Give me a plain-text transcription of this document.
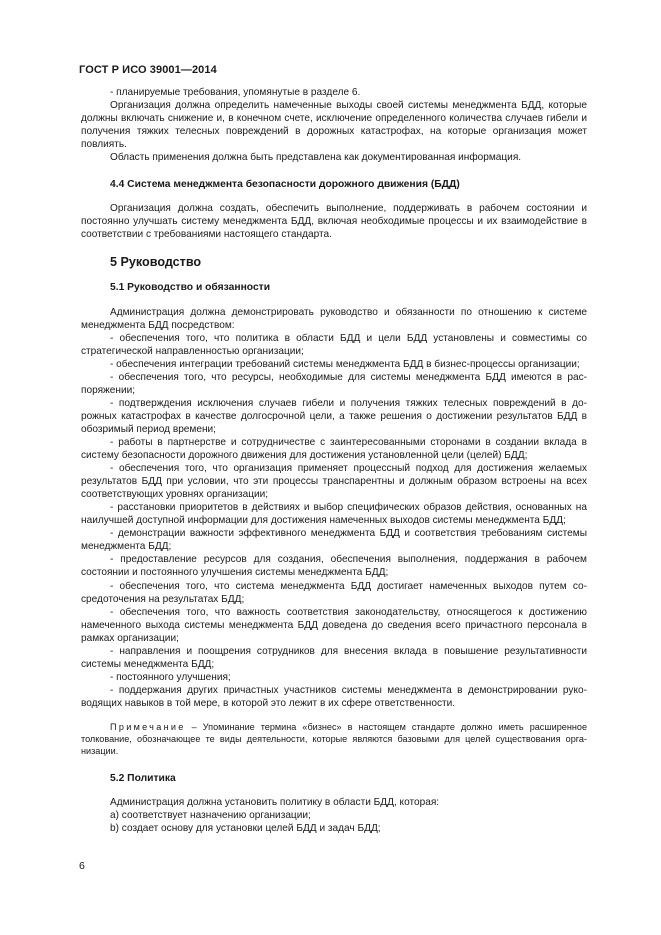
ГОСТ Р ИСО 39001—2014

- планируемые требования, упомянутые в разделе 6.

Организация должна определить намеченные выходы своей системы менеджмента БДД, которые должны включать снижение и, в конечном счете, исключение определенного количества случаев гибели и получения тяжких телесных повреждений в дорожных катастрофах, на которые организация может повлиять.

Область применения должна быть представлена как документированная информация.

4.4 Система менеджмента безопасности дорожного движения (БДД)

Организация должна создать, обеспечить выполнение, поддерживать в рабочем состоянии и постоянно улучшать систему менеджмента БДД, включая необходимые процессы и их взаимодействие в соответствии с требованиями настоящего стандарта.

5 Руководство

5.1 Руководство и обязанности

Администрация должна демонстрировать руководство и обязанности по отношению к системе менеджмента БДД посредством:

- обеспечения того, что политика в области БДД и цели БДД установлены и совместимы со стратегической направленностью организации;

- обеспечения интеграции требований системы менеджмента БДД в бизнес-процессы организации;

- обеспечения того, что ресурсы, необходимые для системы менеджмента БДД имеются в распоряжении;

- подтверждения исключения случаев гибели и получения тяжких телесных повреждений в дорожных катастрофах в качестве долгосрочной цели, а также решения о достижении результатов БДД в обозримый период времени;

- работы в партнерстве и сотрудничестве с заинтересованными сторонами в создании вклада в систему безопасности дорожного движения для достижения установленной цели (целей) БДД;

- обеспечения того, что организация применяет процессный подход для достижения желаемых результатов БДД при условии, что эти процессы транспарентны и должным образом встроены на всех соответствующих уровнях организации;

- расстановки приоритетов в действиях и выбор специфических образов действия, основанных на наилучшей доступной информации для достижения намеченных выходов системы менеджмента БДД;

- демонстрации важности эффективного менеджмента БДД и соответствия требованиям системы менеджмента БДД;

- предоставление ресурсов для создания, обеспечения выполнения, поддержания в рабочем состоянии и постоянного улучшения системы менеджмента БДД;

- обеспечения того, что система менеджмента БДД достигает намеченных выходов путем сосредоточения на результатах БДД;

- обеспечения того, что важность соответствия законодательству, относящегося к достижению намеченного выхода системы менеджмента БДД доведена до сведения всего причастного персонала в рамках организации;

- направления и поощрения сотрудников для внесения вклада в повышение результативности системы менеджмента БДД;

- постоянного улучшения;

- поддержания других причастных участников системы менеджмента в демонстрировании руководящих навыков в той мере, в которой это лежит в их сфере ответственности.

Примечание – Упоминание термина «бизнес» в настоящем стандарте должно иметь расширенное толкование, обозначающее те виды деятельности, которые являются базовыми для целей существования организации.

5.2 Политика

Администрация должна установить политику в области БДД, которая:

a) соответствует назначению организации;

b) создает основу для установки целей БДД и задач БДД;

6
